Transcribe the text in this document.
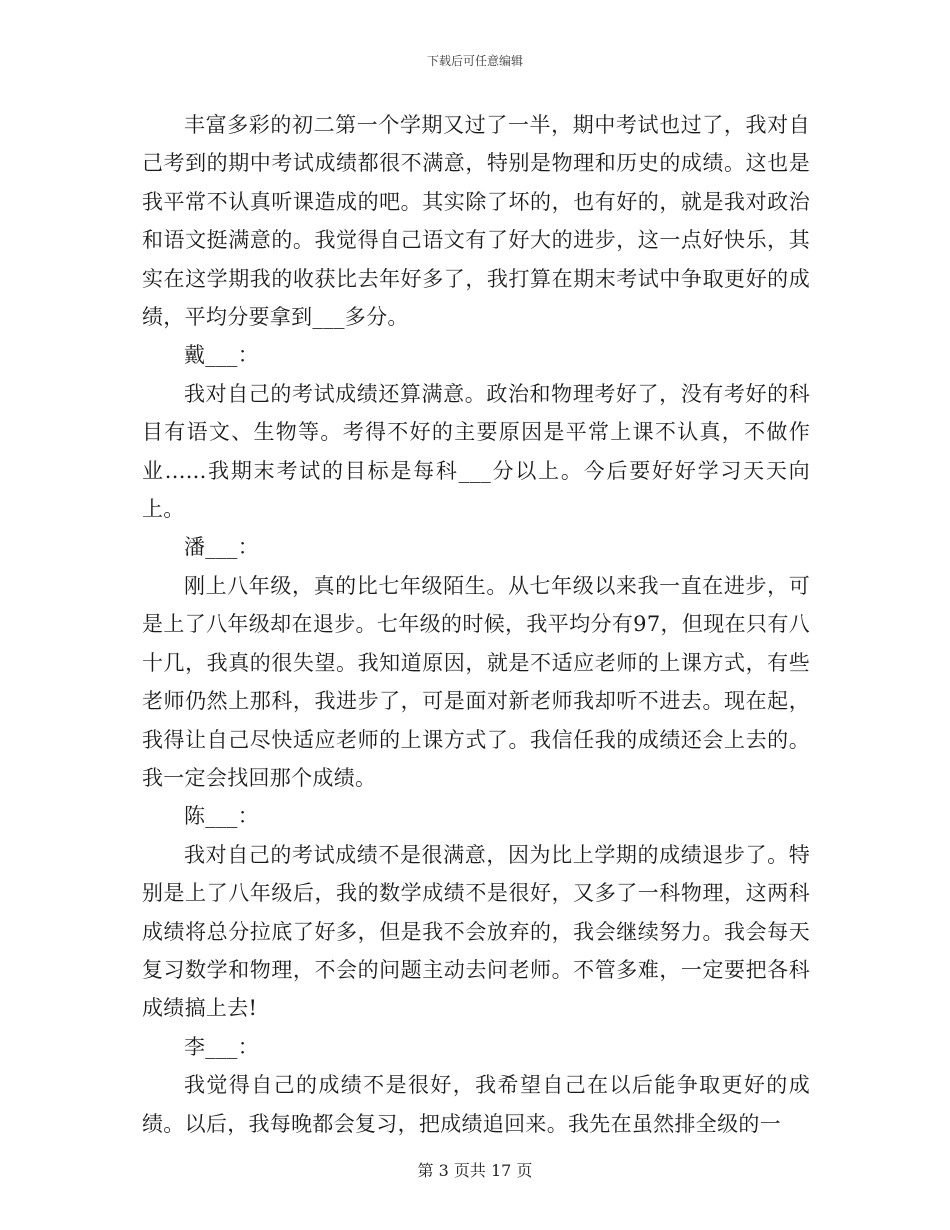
下载后可任意编辑

丰富多彩的初二第一个学期又过了一半，期中考试也过了，我对自己考到的期中考试成绩都很不满意，特别是物理和历史的成绩。这也是我平常不认真听课造成的吧。其实除了坏的，也有好的，就是我对政治和语文挺满意的。我觉得自己语文有了好大的进步，这一点好快乐，其实在这学期我的收获比去年好多了，我打算在期末考试中争取更好的成绩，平均分要拿到___多分。

戴___：

我对自己的考试成绩还算满意。政治和物理考好了，没有考好的科目有语文、生物等。考得不好的主要原因是平常上课不认真，不做作业......我期末考试的目标是每科___分以上。今后要好好学习天天向上。

潘___：

刚上八年级，真的比七年级陌生。从七年级以来我一直在进步，可是上了八年级却在退步。七年级的时候，我平均分有97，但现在只有八十几，我真的很失望。我知道原因，就是不适应老师的上课方式，有些老师仍然上那科，我进步了，可是面对新老师我却听不进去。现在起，我得让自己尽快适应老师的上课方式了。我信任我的成绩还会上去的。我一定会找回那个成绩。

陈___：

我对自己的考试成绩不是很满意，因为比上学期的成绩退步了。特别是上了八年级后，我的数学成绩不是很好，又多了一科物理，这两科成绩将总分拉底了好多，但是我不会放弃的，我会继续努力。我会每天复习数学和物理，不会的问题主动去问老师。不管多难，一定要把各科成绩搞上去!

李___：

我觉得自己的成绩不是很好，我希望自己在以后能争取更好的成绩。以后，我每晚都会复习，把成绩追回来。我先在虽然排全级的一

第 3 页共 17 页
